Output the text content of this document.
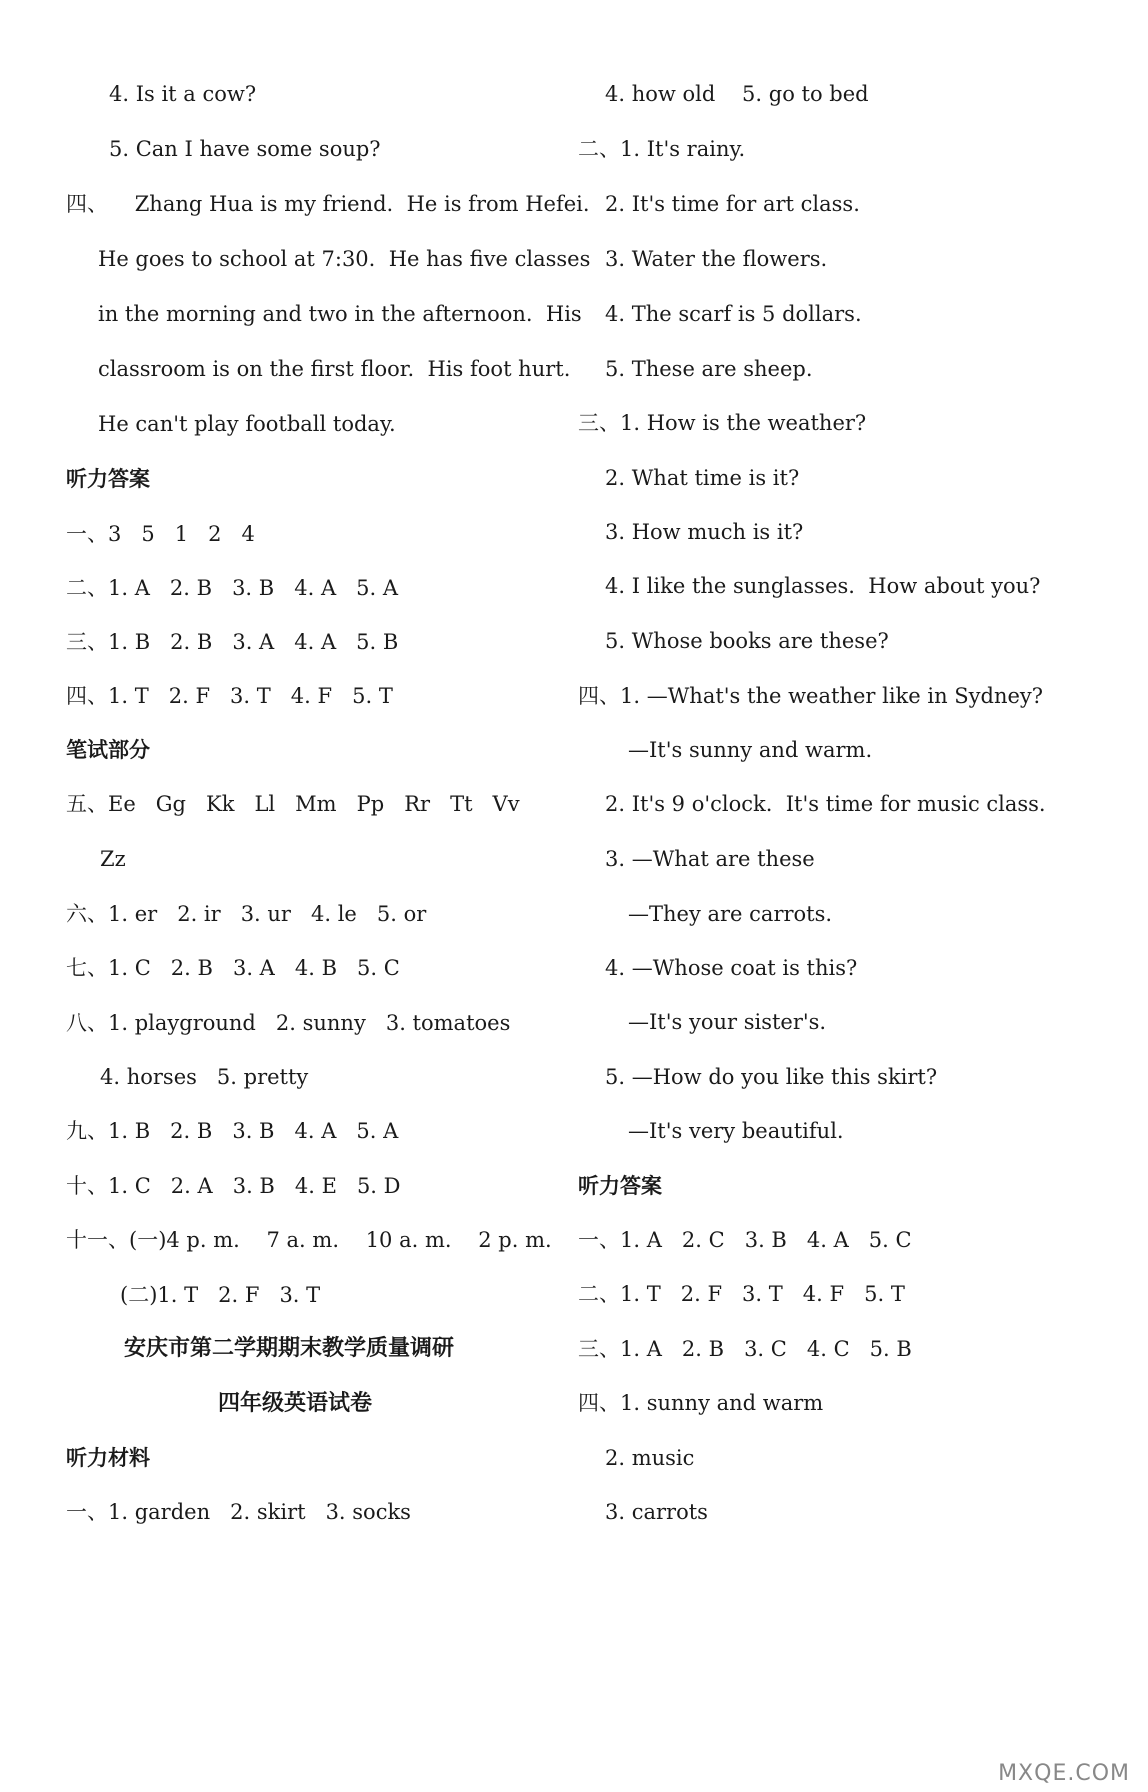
4. Is it a cow?
5. Can I have some soup?
四、    Zhang Hua is my friend.  He is from Hefei.
He goes to school at 7:30.  He has five classes
in the morning and two in the afternoon.  His
classroom is on the first floor.  His foot hurt.
He can't play football today.
听力答案
一、3   5   1   2   4
二、1. A   2. B   3. B   4. A   5. A
三、1. B   2. B   3. A   4. A   5. B
四、1. T   2. F   3. T   4. F   5. T
笔试部分
五、Ee   Gg   Kk   Ll   Mm   Pp   Rr   Tt   Vv
Zz
六、1. er   2. ir   3. ur   4. le   5. or
七、1. C   2. B   3. A   4. B   5. C
八、1. playground   2. sunny   3. tomatoes
4. horses   5. pretty
九、1. B   2. B   3. B   4. A   5. A
十、1. C   2. A   3. B   4. E   5. D
十一、(一)4 p. m.    7 a. m.    10 a. m.    2 p. m.
(二)1. T   2. F   3. T
安庆市第二学期期末教学质量调研
四年级英语试卷
听力材料
一、1. garden   2. skirt   3. socks
4. how old    5. go to bed
二、1. It's rainy.
2. It's time for art class.
3. Water the flowers.
4. The scarf is 5 dollars.
5. These are sheep.
三、1. How is the weather?
2. What time is it?
3. How much is it?
4. I like the sunglasses.  How about you?
5. Whose books are these?
四、1. —What's the weather like in Sydney?
—It's sunny and warm.
2. It's 9 o'clock.  It's time for music class.
3. —What are these
—They are carrots.
4. —Whose coat is this?
—It's your sister's.
5. —How do you like this skirt?
—It's very beautiful.
听力答案
一、1. A   2. C   3. B   4. A   5. C
二、1. T   2. F   3. T   4. F   5. T
三、1. A   2. B   3. C   4. C   5. B
四、1. sunny and warm
2. music
3. carrots
MXQE.COM
